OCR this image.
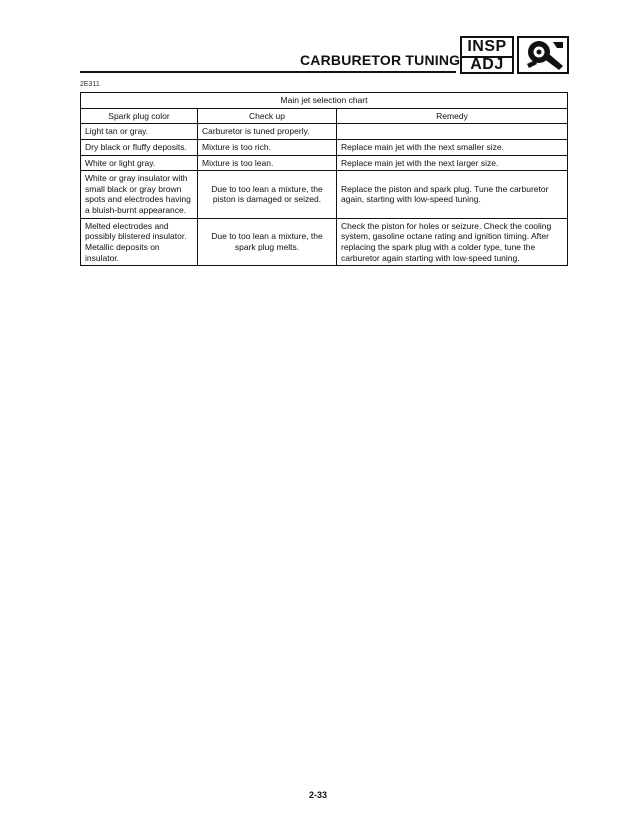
CARBURETOR TUNING
INSP
ADJ
2E311
Main jet selection chart		
Spark plug color	Check up	Remedy
Light tan or gray.	Carburetor is tuned properly.	
Dry black or fluffy deposits.	Mixture is too rich.	Replace main jet with the next smaller size.
White or light gray.	Mixture is too lean.	Replace main jet with the next larger size.
White or gray insulator with small black or gray brown spots and electrodes having a bluish-burnt appearance.	Due to too lean a mixture, the piston is damaged or seized.	Replace the piston and spark plug. Tune the carburetor again, starting with low-speed tuning.
Melted electrodes and possibly blistered insulator. Metallic deposits on insulator.	Due to too lean a mixture, the spark plug melts.	Check the piston for holes or seizure. Check the cooling system, gasoline octane rating and ignition timing. After replacing the spark plug with a colder type, tune the carburetor again starting with low-speed tuning.
2-33
